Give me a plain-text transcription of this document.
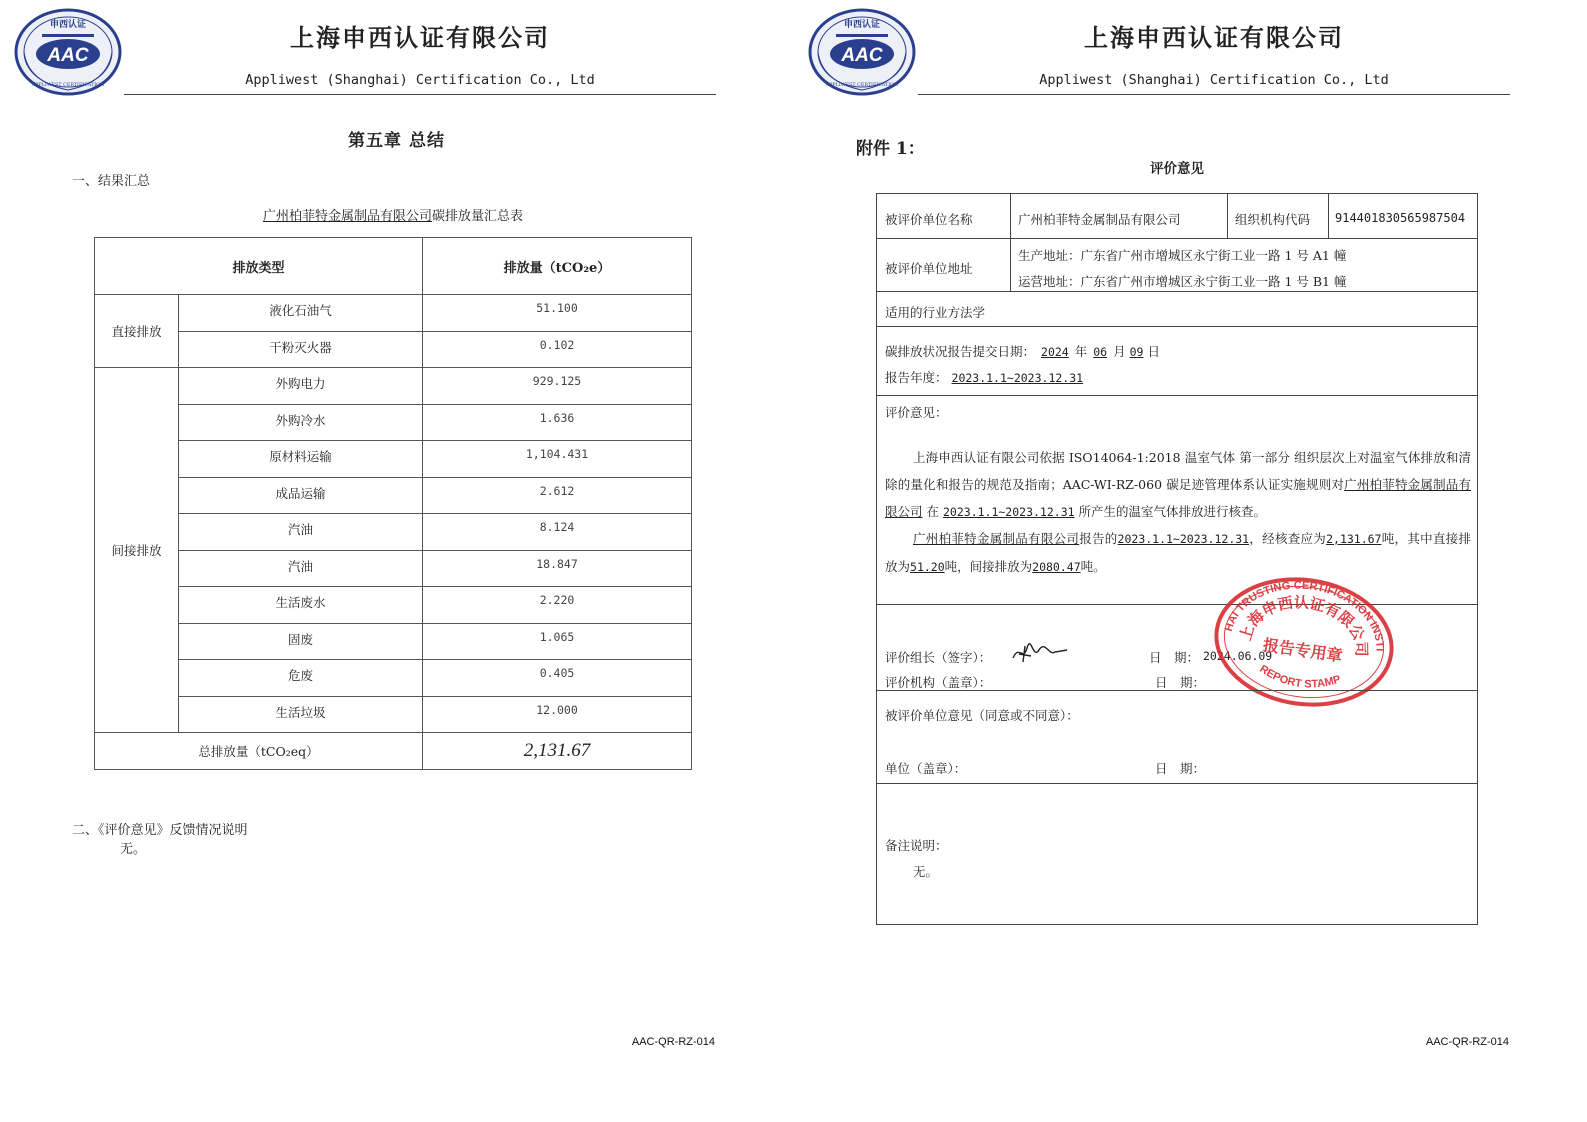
申西认证
AAC
APPLIWEST CERTIFICATION
上海申西认证有限公司
Appliwest (Shanghai) Certification Co., Ltd
第五章 总结
一、结果汇总
广州柏菲特金属制品有限公司碳排放量汇总表
排放类型		排放量（tCO₂e）
直接排放	液化石油气	51.100
	干粉灭火器	0.102
间接排放	外购电力	929.125
	外购冷水	1.636
	原材料运输	1,104.431
	成品运输	2.612
	汽油	8.124
	汽油	18.847
	生活废水	2.220
	固废	1.065
	危废	0.405
	生活垃圾	12.000
总排放量（tCO₂eq）		2,131.67
二、《评价意见》反馈情况说明
无。
AAC-QR-RZ-014
申西认证
AAC
APPLIWEST CERTIFICATION
上海申西认证有限公司
Appliwest (Shanghai) Certification Co., Ltd
附件 1：
评价意见
被评价单位名称	广州柏菲特金属制品有限公司	组织机构代码 914401830565987504
被评价单位地址
生产地址：广东省广州市增城区永宁街工业一路 1 号 A1 幢
运营地址：广东省广州市增城区永宁街工业一路 1 号 B1 幢
适用的行业方法学
碳排放状况报告提交日期： 2024 年 06 月 09 日
报告年度： 2023.1.1~2023.12.31
评价意见：
上海申西认证有限公司依据 ISO14064-1:2018 温室气体 第一部分 组织层次上对温室气体排放和清除的量化和报告的规范及指南；AAC-WI-RZ-060 碳足迹管理体系认证实施规则对广州柏菲特金属制品有限公司 在 2023.1.1~2023.12.31 所产生的温室气体排放进行核查。
广州柏菲特金属制品有限公司报告的2023.1.1~2023.12.31，经核查应为2,131.67吨，其中直接排放为51.20吨，间接排放为2080.47吨。
评价组长（签字）：	日　期： 2024.06.09
评价机构（盖章）：	日　期：
SHANGHAI TRUSTING CERTIFICATION INSTITUTION
上海申西认证有限公司
报告专用章
REPORT STAMP
被评价单位意见（同意或不同意）：
单位（盖章）：	日　期：
备注说明：
无。
AAC-QR-RZ-014
